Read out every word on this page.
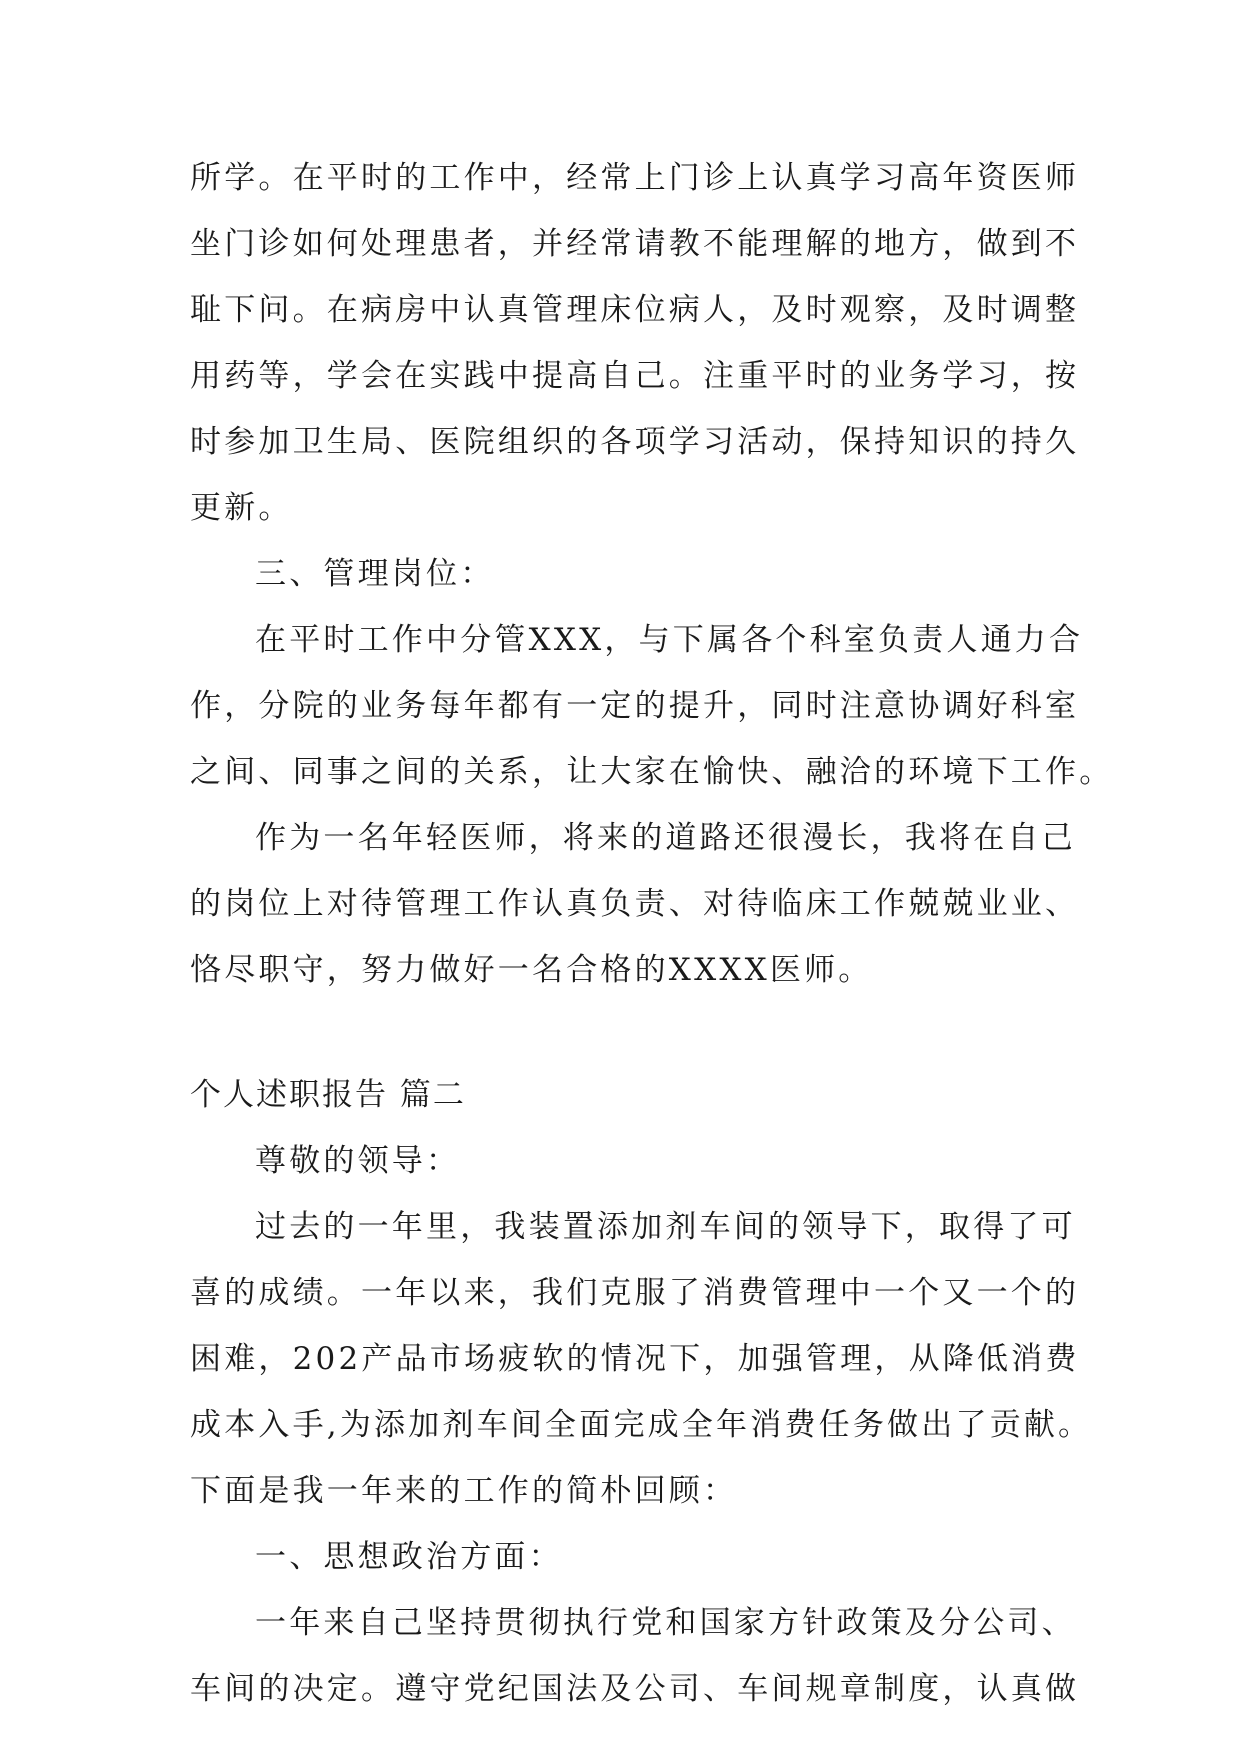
所学。在平时的工作中，经常上门诊上认真学习高年资医师

坐门诊如何处理患者，并经常请教不能理解的地方，做到不

耻下问。在病房中认真管理床位病人，及时观察，及时调整

用药等，学会在实践中提高自己。注重平时的业务学习，按

时参加卫生局、医院组织的各项学习活动，保持知识的持久

更新。

三、管理岗位：

在平时工作中分管XXX，与下属各个科室负责人通力合

作，分院的业务每年都有一定的提升，同时注意协调好科室

之间、同事之间的关系，让大家在愉快、融洽的环境下工作。

作为一名年轻医师，将来的道路还很漫长，我将在自己

的岗位上对待管理工作认真负责、对待临床工作兢兢业业、

恪尽职守，努力做好一名合格的XXXX医师。

个人述职报告 篇二

尊敬的领导：

过去的一年里，我装置添加剂车间的领导下，取得了可

喜的成绩。一年以来，我们克服了消费管理中一个又一个的

困难，202产品市场疲软的情况下，加强管理，从降低消费

成本入手,为添加剂车间全面完成全年消费任务做出了贡献。

下面是我一年来的工作的简朴回顾：

一、思想政治方面：

一年来自己坚持贯彻执行党和国家方针政策及分公司、

车间的决定。遵守党纪国法及公司、车间规章制度，认真做
